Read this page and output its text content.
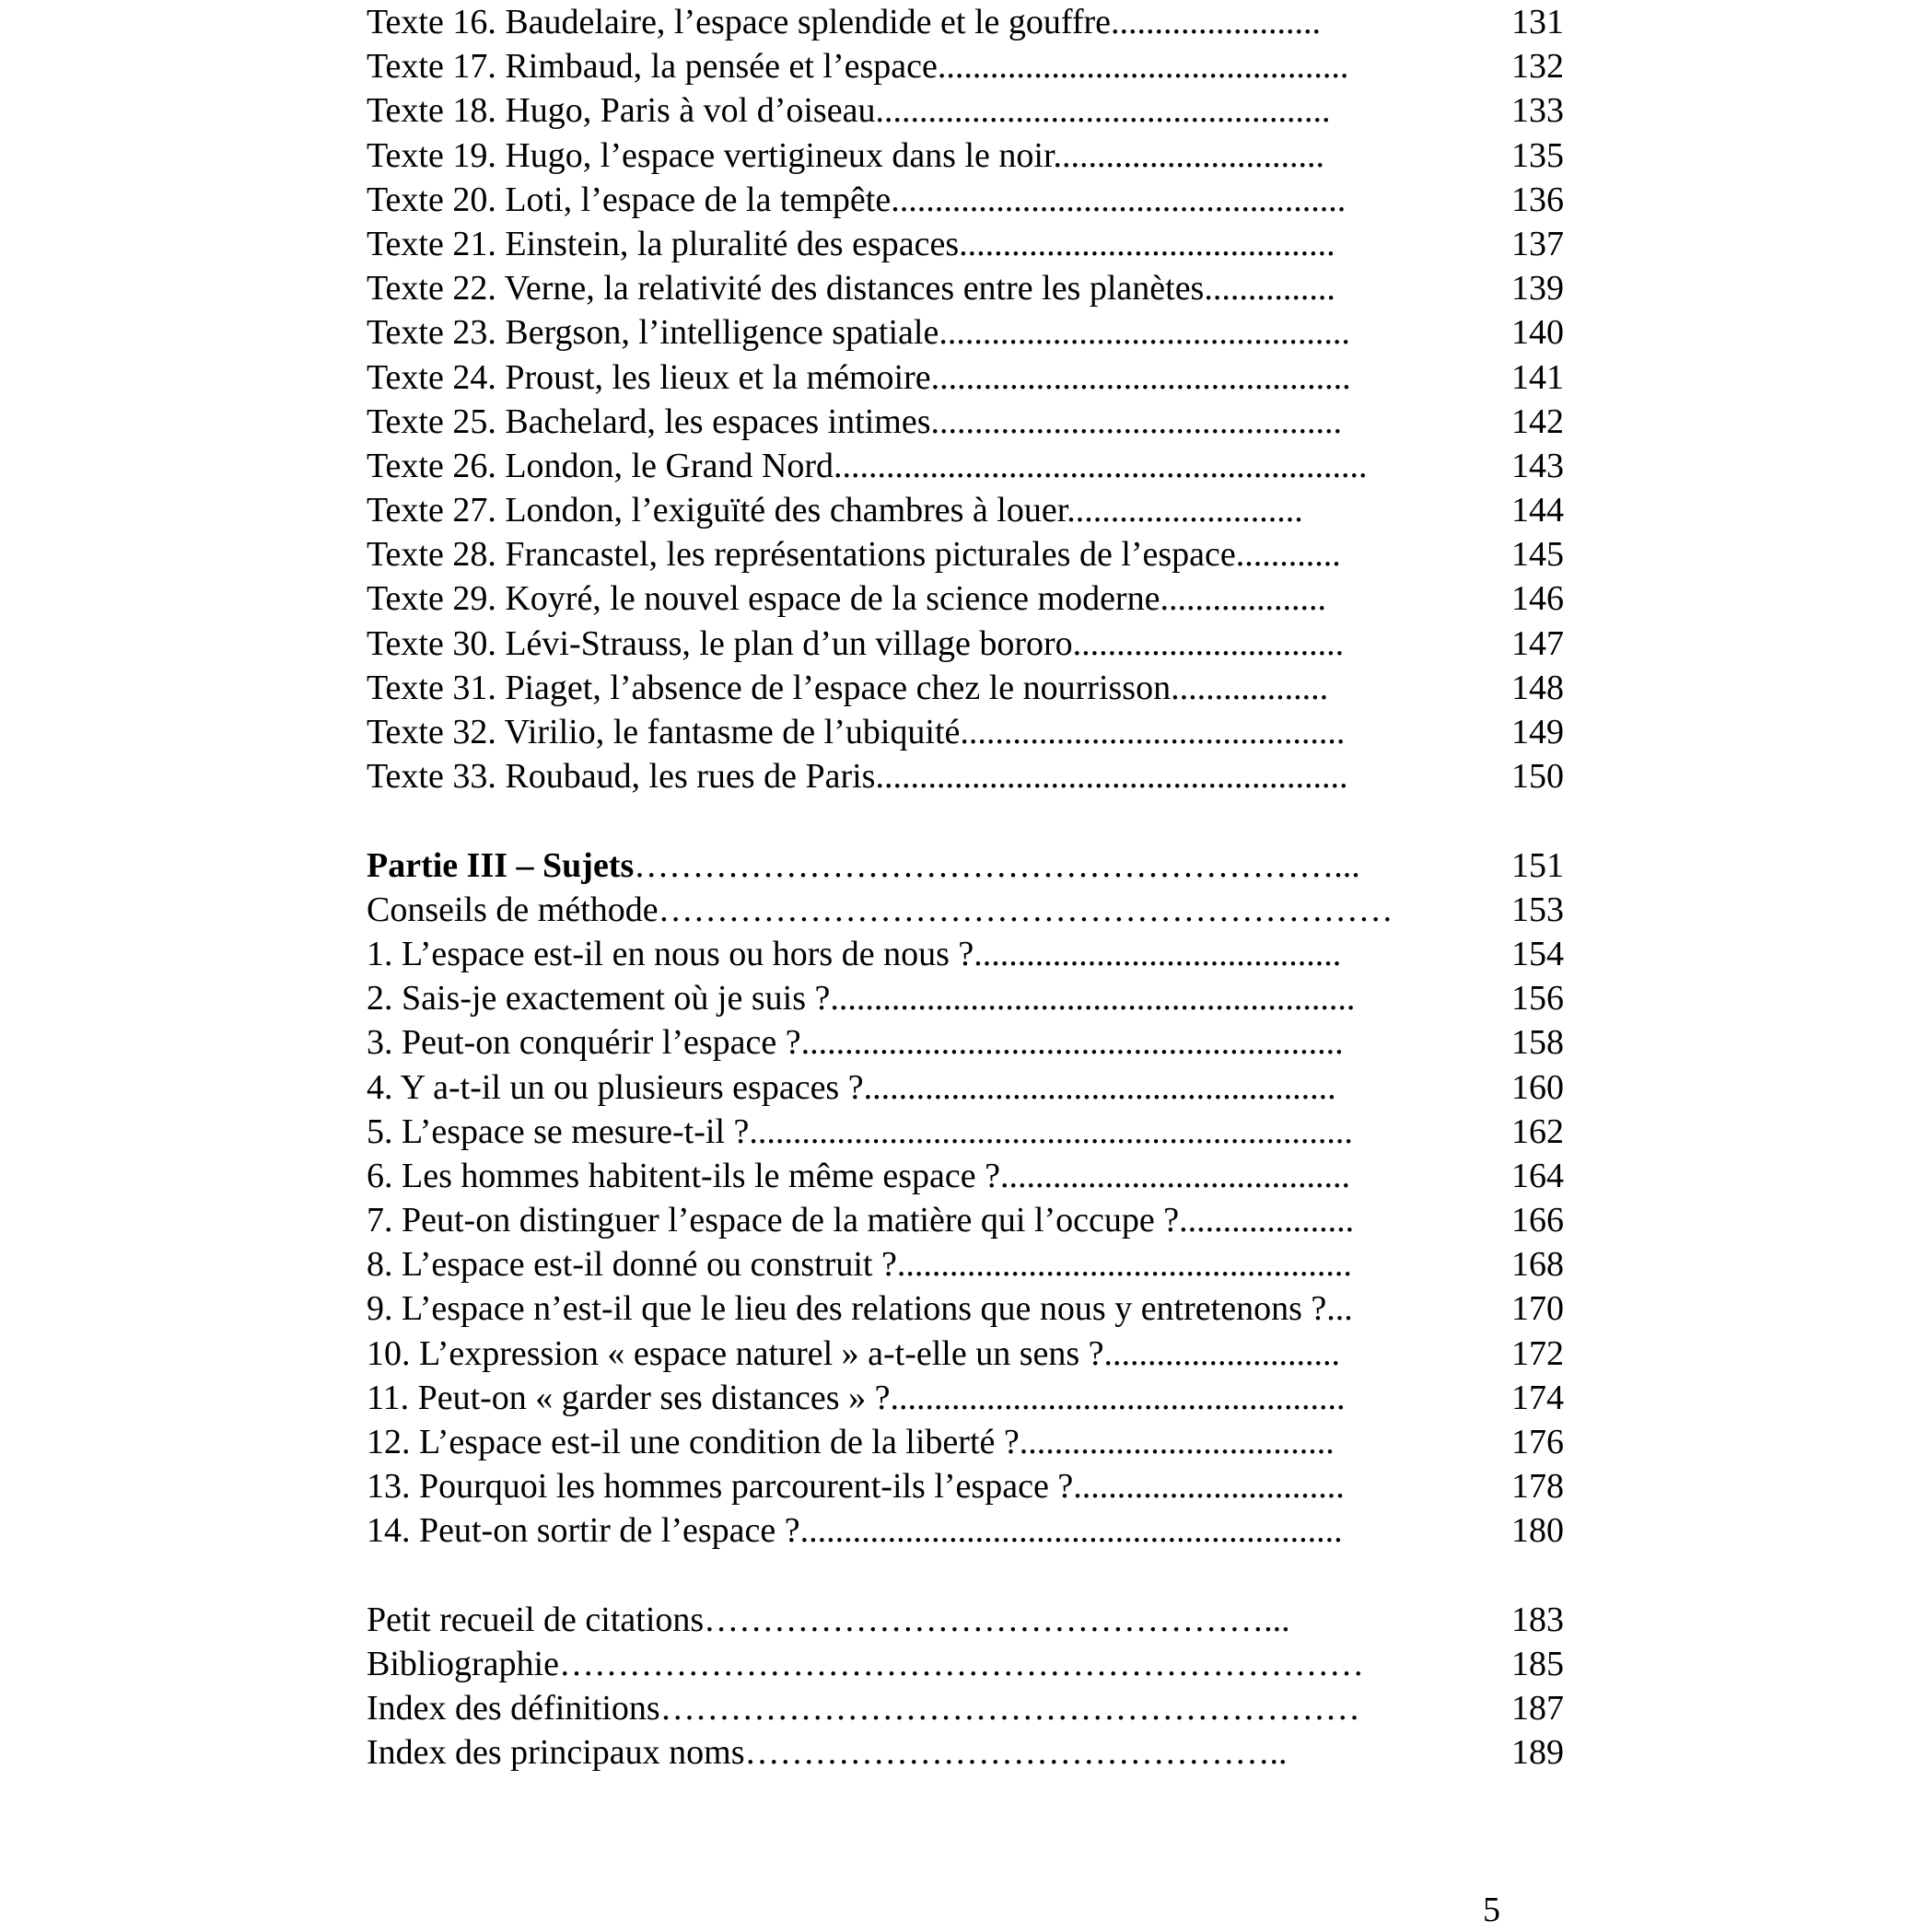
Texte 16. Baudelaire, l’espace splendide et le gouffre........................	131
Texte 17. Rimbaud, la pensée et l’espace...............................................	132
Texte 18. Hugo, Paris à vol d’oiseau....................................................	133
Texte 19. Hugo, l’espace vertigineux dans le noir...............................	135
Texte 20. Loti, l’espace de la tempête....................................................	136
Texte 21. Einstein, la pluralité des espaces...........................................	137
Texte 22. Verne, la relativité des distances entre les planètes...............	139
Texte 23. Bergson, l’intelligence spatiale...............................................	140
Texte 24. Proust, les lieux et la mémoire................................................	141
Texte 25. Bachelard, les espaces intimes...............................................	142
Texte 26. London, le Grand Nord.............................................................	143
Texte 27. London, l’exiguïté des chambres à louer...........................	144
Texte 28. Francastel, les représentations picturales de l’espace............	145
Texte 29. Koyré, le nouvel espace de la science moderne...................	146
Texte 30. Lévi-Strauss, le plan d’un village bororo...............................	147
Texte 31. Piaget, l’absence de l’espace chez le nourrisson..................	148
Texte 32. Virilio, le fantasme de l’ubiquité............................................	149
Texte 33. Roubaud, les rues de Paris......................................................	150
Partie III – Sujets……………………………………………………...	151
Conseils de méthode………………………………………………………	153
1. L’espace est-il en nous ou hors de nous ?..........................................	154
2. Sais-je exactement où je suis ?............................................................	156
3. Peut-on conquérir l’espace ?..............................................................	158
4. Y a-t-il un ou plusieurs espaces ?......................................................	160
5. L’espace se mesure-t-il ?.....................................................................	162
6. Les hommes habitent-ils le même espace ?........................................	164
7. Peut-on distinguer l’espace de la matière qui l’occupe ?....................	166
8. L’espace est-il donné ou construit ?....................................................	168
9. L’espace n’est-il que le lieu des relations que nous y entretenons ?...	170
10. L’expression « espace naturel » a-t-elle un sens ?...........................	172
11. Peut-on « garder ses distances » ?....................................................	174
12. L’espace est-il une condition de la liberté ?....................................	176
13. Pourquoi les hommes parcourent-ils l’espace ?...............................	178
14. Peut-on sortir de l’espace ?..............................................................	180
Petit recueil de citations…………………………………………...	183
Bibliographie……………………………………………………………	185
Index des définitions……………………………………………………	187
Index des principaux noms………………………………………..	189
5
